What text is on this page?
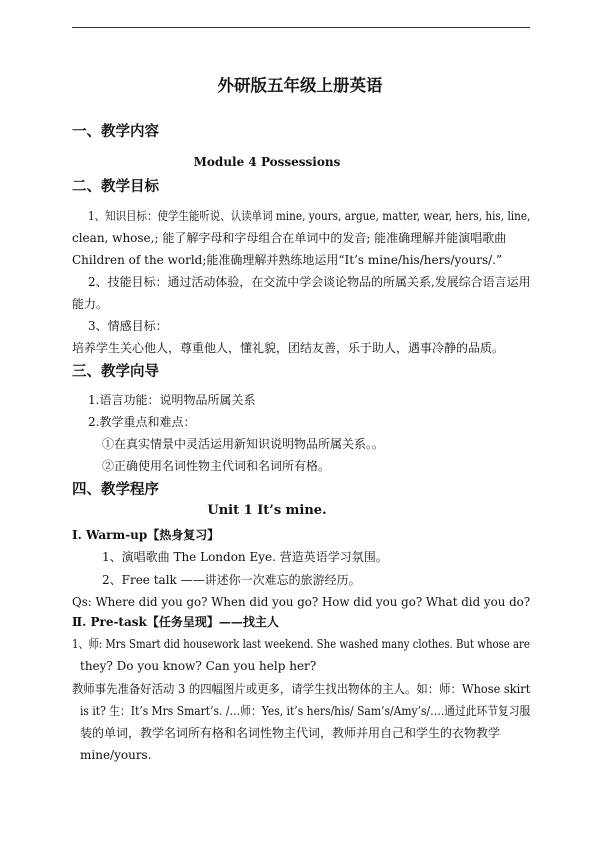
外研版五年级上册英语
一、教学内容
Module 4 Possessions
二、教学目标
1、知识目标：使学生能听说、认读单词 mine, yours, argue, matter, wear, hers, his, line,
clean, whose,; 能了解字母和字母组合在单词中的发音; 能准确理解并能演唱歌曲
Children of the world;能准确理解并熟练地运用“It’s mine/his/hers/yours/.”
2、技能目标：通过活动体验，在交流中学会谈论物品的所属关系,发展综合语言运用
能力。
3、情感目标：
培养学生关心他人，尊重他人，懂礼貌，团结友善，乐于助人，遇事冷静的品质。
三、教学向导
1.语言功能：说明物品所属关系
2.教学重点和难点：
①在真实情景中灵活运用新知识说明物品所属关系。。
②正确使用名词性物主代词和名词所有格。
四、教学程序
Unit 1 It’s mine.
Ⅰ. Warm-up【热身复习】
1、演唱歌曲 The London Eye. 营造英语学习氛围。
2、Free talk ——讲述你一次难忘的旅游经历。
Qs: Where did you go? When did you go? How did you go? What did you do?
Ⅱ. Pre-task【任务呈现】——找主人
1、师: Mrs Smart did housework last weekend. She washed many clothes. But whose are
they? Do you know? Can you help her?
教师事先准备好活动 3 的四幅图片或更多，请学生找出物体的主人。如：师：Whose skirt
is it? 生：It’s Mrs Smart’s. /…师：Yes, it’s hers/his/ Sam’s/Amy’s/….通过此环节复习服
装的单词，教学名词所有格和名词性物主代词，教师并用自己和学生的衣物教学
mine/yours.
